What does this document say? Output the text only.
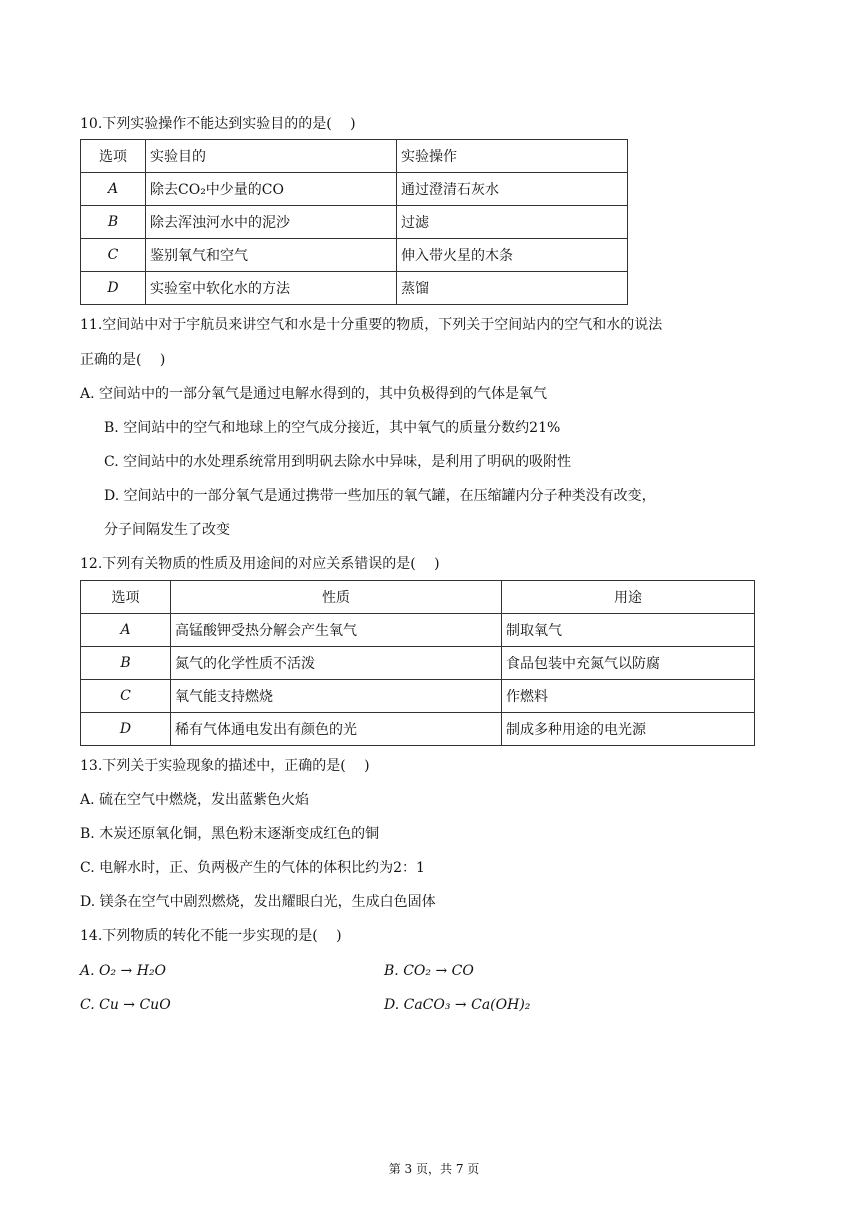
10.下列实验操作不能达到实验目的的是(　 )
选项	实验目的	实验操作
A	除去CO₂中少量的CO	通过澄清石灰水
B	除去浑浊河水中的泥沙	过滤
C	鉴别氧气和空气	伸入带火星的木条
D	实验室中软化水的方法	蒸馏
11.空间站中对于宇航员来讲空气和水是十分重要的物质，下列关于空间站内的空气和水的说法
正确的是(　 )
A. 空间站中的一部分氧气是通过电解水得到的，其中负极得到的气体是氧气
B. 空间站中的空气和地球上的空气成分接近，其中氧气的质量分数约21%
C. 空间站中的水处理系统常用到明矾去除水中异味，是利用了明矾的吸附性
D. 空间站中的一部分氧气是通过携带一些加压的氧气罐，在压缩罐内分子种类没有改变，
分子间隔发生了改变
12.下列有关物质的性质及用途间的对应关系错误的是(　 )
选项	性质	用途
A	高锰酸钾受热分解会产生氧气	制取氧气
B	氮气的化学性质不活泼	食品包装中充氮气以防腐
C	氧气能支持燃烧	作燃料
D	稀有气体通电发出有颜色的光	制成多种用途的电光源
13.下列关于实验现象的描述中，正确的是(　 )
A. 硫在空气中燃烧，发出蓝紫色火焰
B. 木炭还原氧化铜，黑色粉末逐渐变成红色的铜
C. 电解水时，正、负两极产生的气体的体积比约为2：1
D. 镁条在空气中剧烈燃烧，发出耀眼白光，生成白色固体
14.下列物质的转化不能一步实现的是(　 )
A. O₂ → H₂O	B. CO₂ → CO
C. Cu → CuO	D. CaCO₃ → Ca(OH)₂
第 3 页，共 7 页
